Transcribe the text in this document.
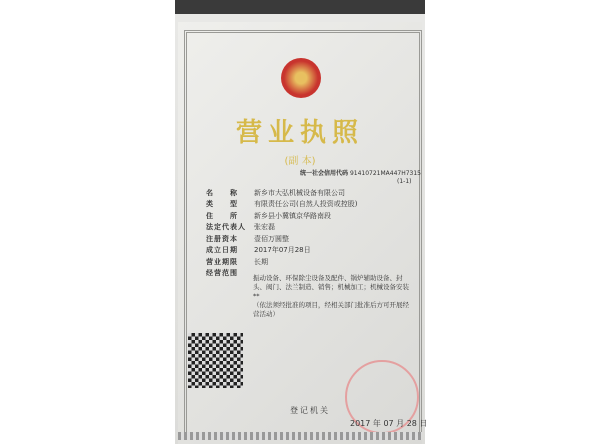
营业执照
(副 本)
统一社会信用代码 91410721MA447H7315
(1-1)
名　　称	新乡市大弘机械设备有限公司
类　　型	有限责任公司(自然人投资或控股)
住　　所	新乡县小冀镇京华路南段
法定代表人	张宏磊
注册资本	壹佰万圆整
成立日期	2017年07月28日
营业期限	长期
经营范围
振动设备、环保除尘设备及配件、锅炉辅助设备、封头、阀门、法兰制造、销售；机械加工；机械设备安装**
（依法须经批准的项目，经相关部门批准后方可开展经营活动）
登记机关
2017 年 07 月 28 日
